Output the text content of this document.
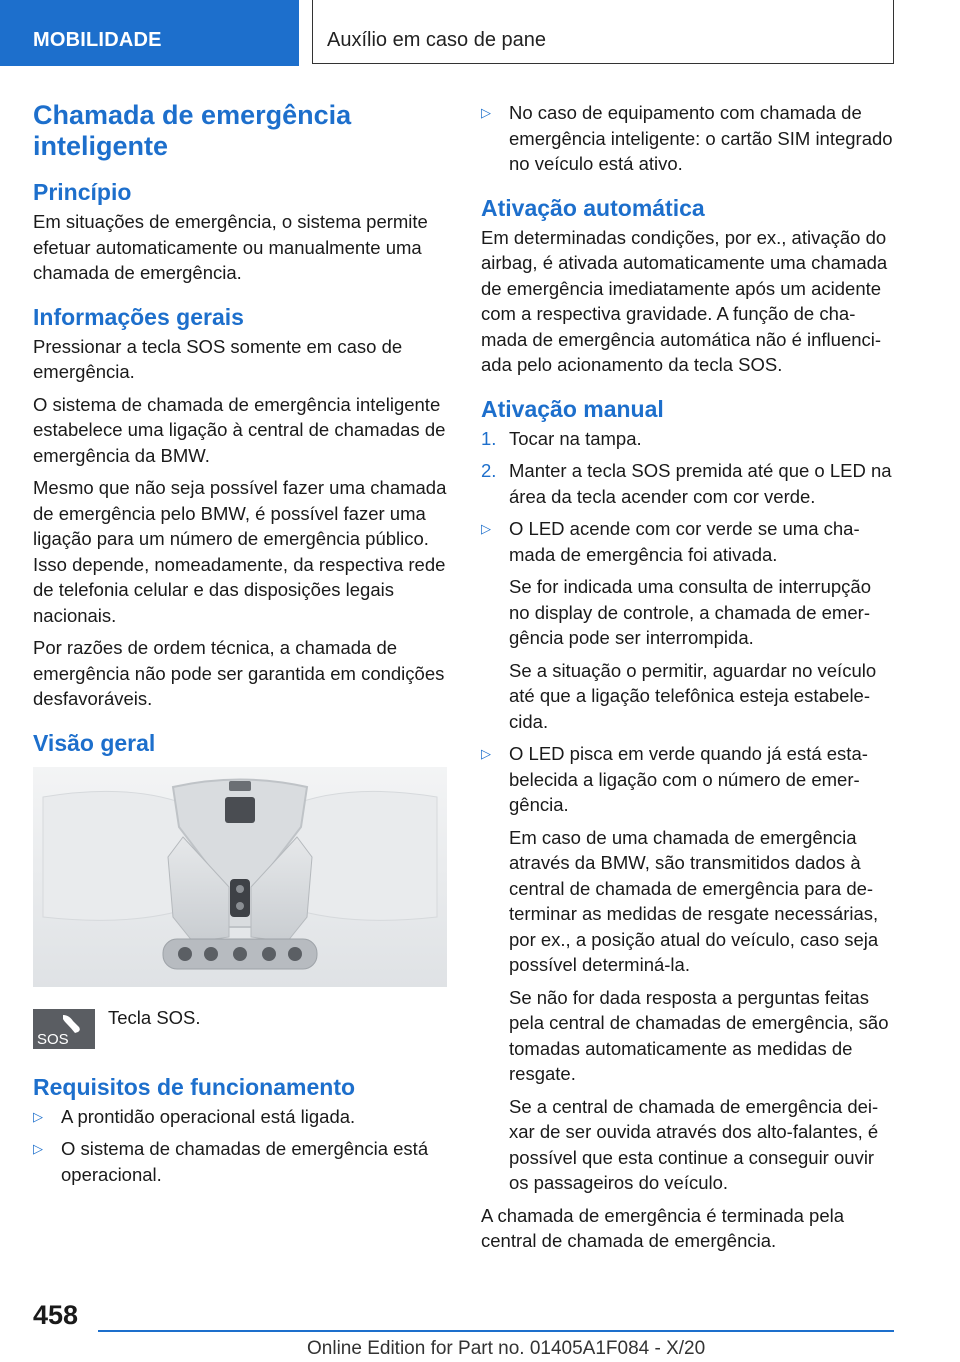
MOBILIDADE	Auxílio em caso de pane
Chamada de emergência inteligente
Princípio

Em situações de emergência, o sistema permite efetuar automaticamente ou manualmente uma chamada de emergência.

Informações gerais

Pressionar a tecla SOS somente em caso de emergência.

O sistema de chamada de emergência inteligente estabelece uma ligação à central de chamadas de emergência da BMW.

Mesmo que não seja possível fazer uma chamada de emergência pelo BMW, é possível fazer uma ligação para um número de emergência público. Isso depende, nomeadamente, da respectiva rede de telefonia celular e das disposições legais nacionais.

Por razões de ordem técnica, a chamada de emergência não pode ser garantida em condições desfavoráveis.

Visão geral
SOS
Tecla SOS.
Requisitos de funcionamento
▷ A prontidão operacional está ligada.
▷ O sistema de chamadas de emergência está operacional.
▷ No caso de equipamento com chamada de emergência inteligente: o cartão SIM integrado no veículo está ativo.
Ativação automática

Em determinadas condições, por ex., ativação do airbag, é ativada automaticamente uma chamada de emergência imediatamente após um acidente com a respectiva gravidade. A função de chamada de emergência automática não é influenciada pelo acionamento da tecla SOS.

Ativação manual
1. Tocar na tampa.
2. Manter a tecla SOS premida até que o LED na área da tecla acender com cor verde.
▷ O LED acende com cor verde se uma chamada de emergência foi ativada.
Se for indicada uma consulta de interrupção no display de controle, a chamada de emergência pode ser interrompida.
Se a situação o permitir, aguardar no veículo até que a ligação telefônica esteja estabelecida.
▷ O LED pisca em verde quando já está estabelecida a ligação com o número de emergência.
Em caso de uma chamada de emergência através da BMW, são transmitidos dados à central de chamada de emergência para determinar as medidas de resgate necessárias, por ex., a posição atual do veículo, caso seja possível determiná-la.
Se não for dada resposta a perguntas feitas pela central de chamadas de emergência, são tomadas automaticamente as medidas de resgate.
Se a central de chamada de emergência deixar de ser ouvida através dos alto-falantes, é possível que esta continue a conseguir ouvir os passageiros do veículo.

A chamada de emergência é terminada pela central de chamada de emergência.

458
Online Edition for Part no. 01405A1F084 - X/20
